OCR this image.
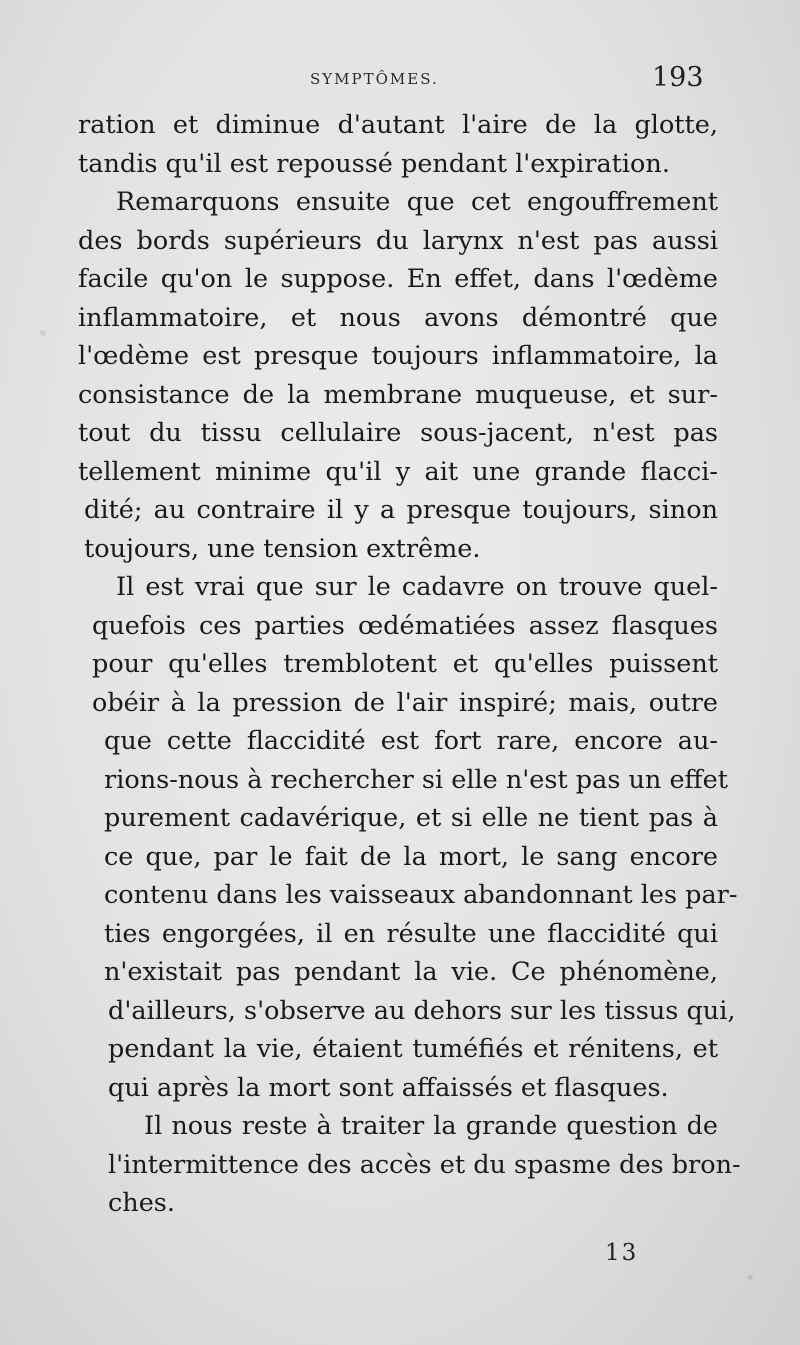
SYMPTÔMES.	193
ration et diminue d'autant l'aire de la glotte,
tandis qu'il est repoussé pendant l'expiration.
Remarquons ensuite que cet engouffrement
des bords supérieurs du larynx n'est pas aussi
facile qu'on le suppose. En effet, dans l'œdème
inflammatoire, et nous avons démontré que
l'œdème est presque toujours inflammatoire, la
consistance de la membrane muqueuse, et sur-
tout du tissu cellulaire sous-jacent, n'est pas
tellement minime qu'il y ait une grande flacci-
dité; au contraire il y a presque toujours, sinon
toujours, une tension extrême.
Il est vrai que sur le cadavre on trouve quel-
quefois ces parties œdématiées assez flasques
pour qu'elles tremblotent et qu'elles puissent
obéir à la pression de l'air inspiré; mais, outre
que cette flaccidité est fort rare, encore au-
rions-nous à rechercher si elle n'est pas un effet
purement cadavérique, et si elle ne tient pas à
ce que, par le fait de la mort, le sang encore
contenu dans les vaisseaux abandonnant les par-
ties engorgées, il en résulte une flaccidité qui
n'existait pas pendant la vie. Ce phénomène,
d'ailleurs, s'observe au dehors sur les tissus qui,
pendant la vie, étaient tuméfiés et rénitens, et
qui après la mort sont affaissés et flasques.
Il nous reste à traiter la grande question de
l'intermittence des accès et du spasme des bron-
ches.
13
